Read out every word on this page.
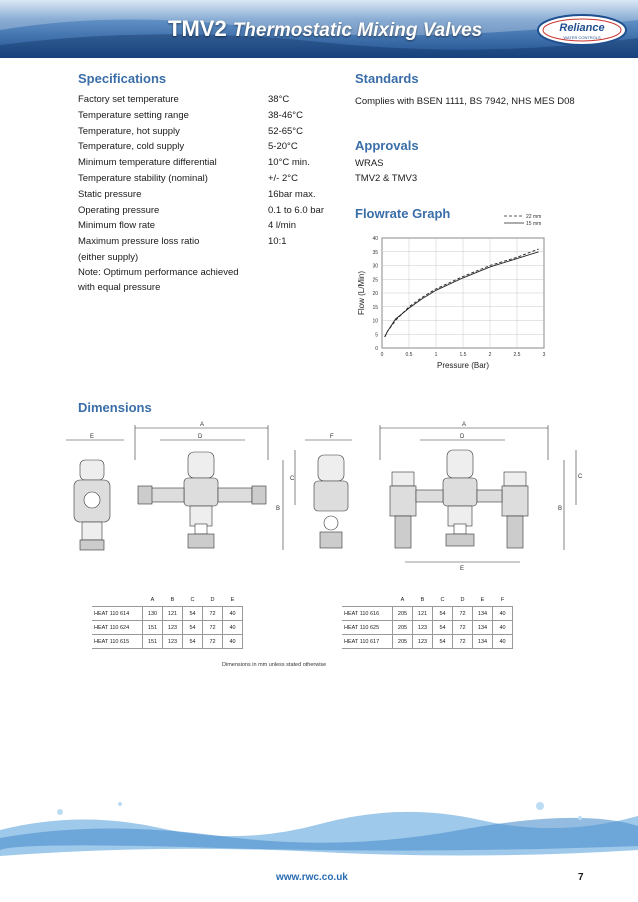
TMV2 Thermostatic Mixing Valves	Reliance
WATER CONTROLS
Specifications
Factory set temperature	38°C
Temperature setting range	38-46°C
Temperature, hot supply	52-65°C
Temperature, cold supply	5-20°C
Minimum temperature differential	10°C min.
Temperature stability (nominal)	+/- 2°C
Static pressure	16bar max.
Operating pressure	0.1 to 6.0 bar
Minimum flow rate	4 l/min
Maximum pressure loss ratio	10:1
(either supply)
Note: Optimum performance achieved
with equal pressure
Standards
Complies with BSEN 1111, BS 7942, NHS MES D08
Approvals
WRAS
TMV2 & TMV3
Flowrate Graph
0
5
10
15
20
25
30
35
40
0	0.5	1	1.5	2	2.5	3
22 mm
15 mm
Pressure (Bar)
Flow (L/Min)
Dimensions
A
D
E
C
B
F
A
D
E
C
B
	A	B	C	D	E
HEAT 110 614	130	121	54	72	40
HEAT 110 624	151	123	54	72	40
HEAT 110 615	151	123	54	72	40
	A	B	C	D	E	F
HEAT 110 616	205	121	54	72	134	40
HEAT 110 625	205	123	54	72	134	40
HEAT 110 617	205	123	54	72	134	40
Dimensions in mm unless stated otherwise
www.rwc.co.uk	7
